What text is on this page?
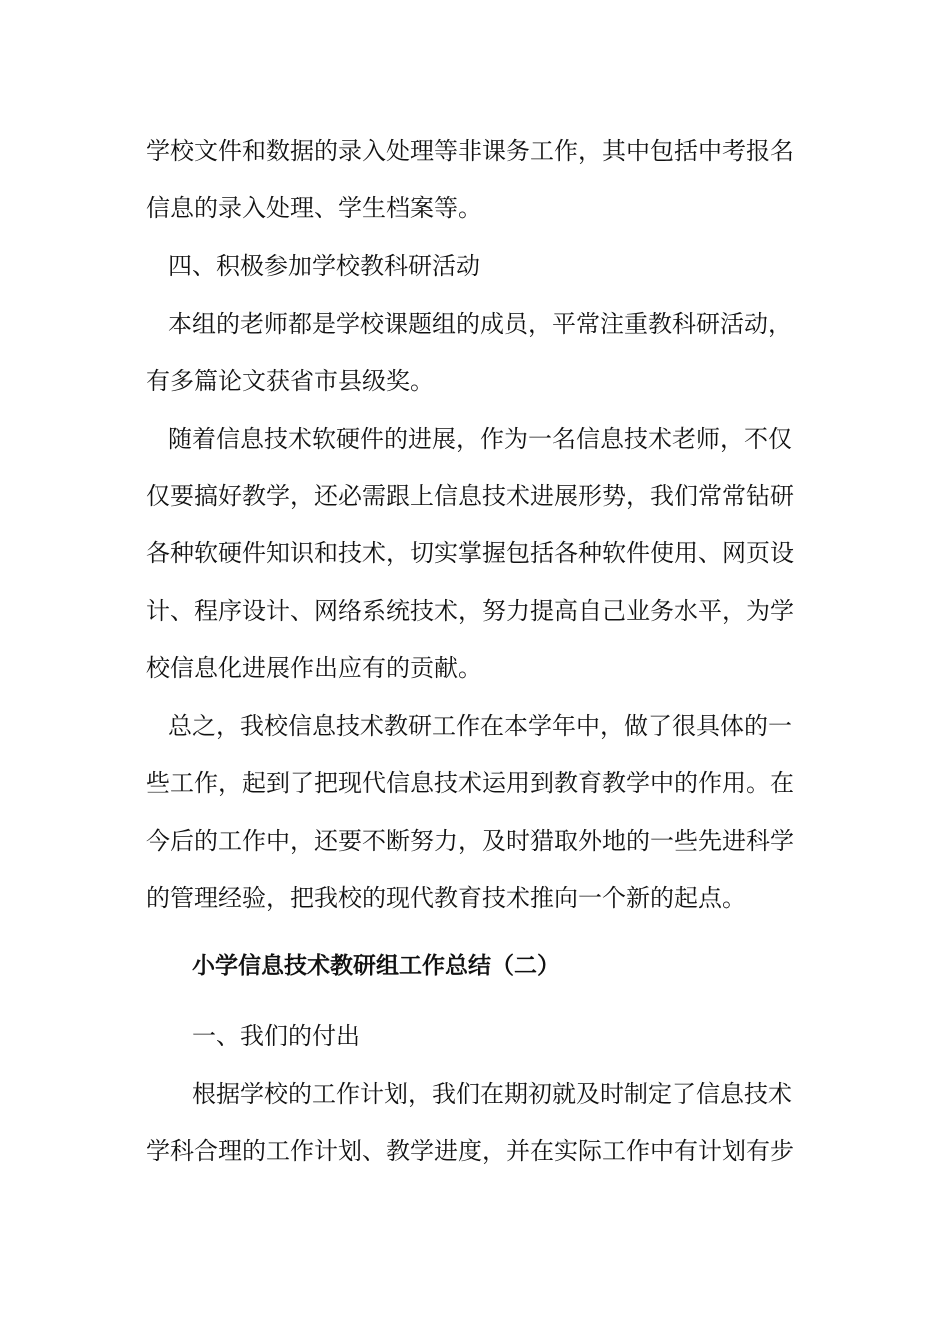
学校文件和数据的录入处理等非课务工作，其中包括中考报名

信息的录入处理、学生档案等。

四、积极参加学校教科研活动

本组的老师都是学校课题组的成员，平常注重教科研活动，

有多篇论文获省市县级奖。

随着信息技术软硬件的进展，作为一名信息技术老师，不仅

仅要搞好教学，还必需跟上信息技术进展形势，我们常常钻研

各种软硬件知识和技术，切实掌握包括各种软件使用、网页设

计、程序设计、网络系统技术，努力提高自己业务水平，为学

校信息化进展作出应有的贡献。

总之，我校信息技术教研工作在本学年中，做了很具体的一

些工作，起到了把现代信息技术运用到教育教学中的作用。在

今后的工作中，还要不断努力，及时猎取外地的一些先进科学

的管理经验，把我校的现代教育技术推向一个新的起点。

小学信息技术教研组工作总结（二）

一、我们的付出

根据学校的工作计划，我们在期初就及时制定了信息技术

学科合理的工作计划、教学进度，并在实际工作中有计划有步
